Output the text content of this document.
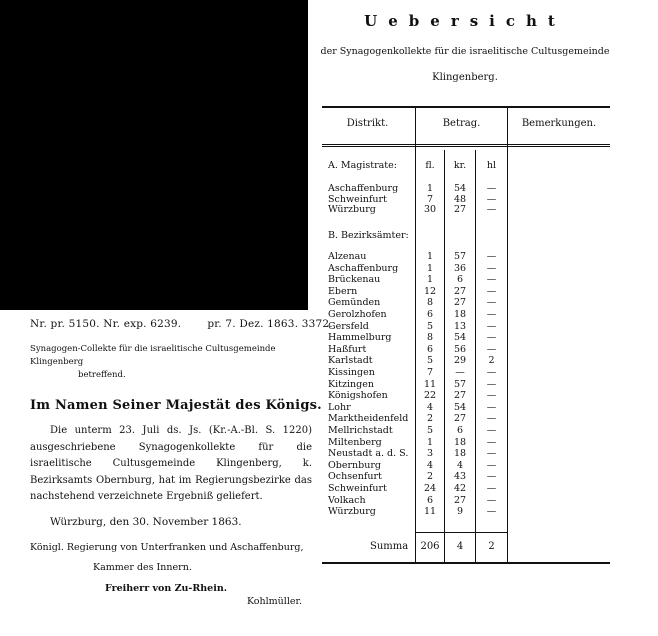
Nr. pr. 5150. Nr. exp. 6239. pr. 7. Dez. 1863. 3372.
Synagogen-Collekte für die israelitische Cultusgemeinde Klingenberg
betreffend.
Im Namen Seiner Majestät des Königs.
Die unterm 23. Juli ds. Js. (Kr.-A.-Bl. S. 1220) ausgeschriebene Synagogenkollekte für die israelitische Cultusgemeinde Klingenberg, k. Bezirksamts Obernburg, hat im Regierungsbezirke das nachstehend verzeichnete Ergebniß geliefert.
Würzburg, den 30. November 1863.
Königl. Regierung von Unterfranken und Aschaffenburg,
Kammer des Innern.
Freiherr von Zu-Rhein.
Kohlmüller.
Uebersicht
der Synagogenkollekte für die israelitische Cultusgemeinde
Klingenberg.
Distrikt.	Betrag.	Bemerkungen.
A. Magistrate:	fl.	kr.	hl
Aschaffenburg	1	54	—
Schweinfurt	7	48	—
Würzburg	30	27	—
B. Bezirksämter:
Alzenau	1	57	—
Aschaffenburg	1	36	—
Brückenau	1	6	—
Ebern	12	27	—
Gemünden	8	27	—
Gerolzhofen	6	18	—
Gersfeld	5	13	—
Hammelburg	8	54	—
Haßfurt	6	56	—
Karlstadt	5	29	2
Kissingen	7	—	—
Kitzingen	11	57	—
Königshofen	22	27	—
Lohr	4	54	—
Marktheidenfeld	2	27	—
Mellrichstadt	5	6	—
Miltenberg	1	18	—
Neustadt a. d. S.	3	18	—
Obernburg	4	4	—
Ochsenfurt	2	43	—
Schweinfurt	24	42	—
Volkach	6	27	—
Würzburg	11	9	—
Summa	206	4	2
